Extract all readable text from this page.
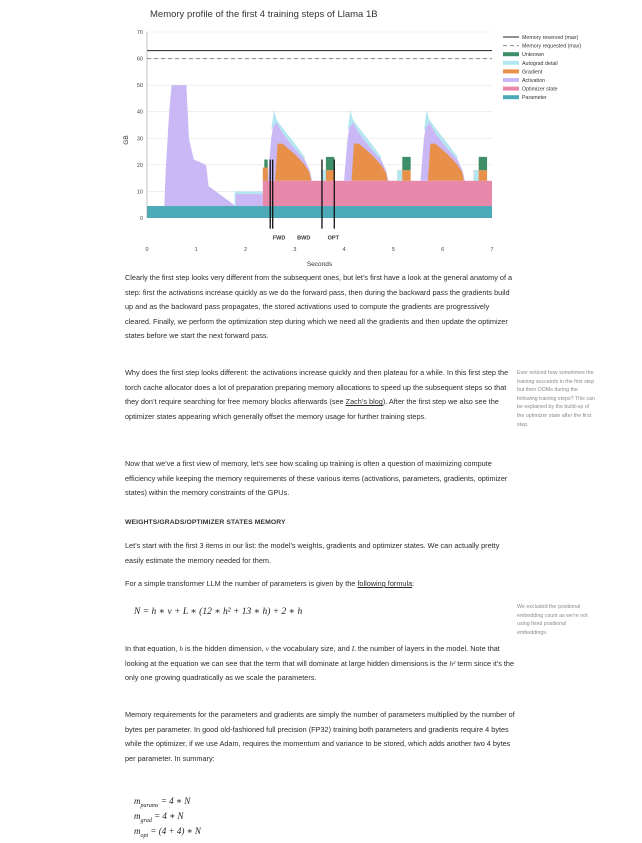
Memory profile of the first 4 training steps of Llama 1B
FWD BWD	OPT
0
10
20
30
40
50
60
70
0	1	2	3	4	5	6	7
Seconds
GB
Memory reserved (max)
Memory requested (max)
Unknown
Autograd detail
Gradient
Activation
Optimizer state
Parameter

Clearly the first step looks very different from the subsequent ones, but let’s first have a look at the general anatomy of a step: first the activations increase quickly as we do the forward pass, then during the backward pass the gradients build up and as the backward pass propagates, the stored activations used to compute the gradients are progressively cleared. Finally, we perform the optimization step during which we need all the gradients and then update the optimizer states before we start the next forward pass.

Why does the first step looks different: the activations increase quickly and then plateau for a while. In this first step the torch cache allocator does a lot of preparation preparing memory allocations to speed up the subsequent steps so that they don’t require searching for free memory blocks afterwards (see Zach’s blog). After the first step we also see the optimizer states appearing which generally offset the memory usage for further training steps.

Ever noticed how sometimes the training succeeds in the first step but then OOMs during the following training steps? This can be explained by the build-up of the optimizer state after the first step.

Now that we’ve a first view of memory, let’s see how scaling up training is often a question of maximizing compute efficiency while keeping the memory requirements of these various items (activations, parameters, gradients, optimizer states) within the memory constraints of the GPUs.

WEIGHTS/GRADS/OPTIMIZER STATES MEMORY

Let’s start with the first 3 items in our list: the model’s weights, gradients and optimizer states. We can actually pretty easily estimate the memory needed for them.

For a simple transformer LLM the number of parameters is given by the following formula:

N = h ∗ v + L ∗ (12 ∗ h² + 13 ∗ h) + 2 ∗ h	We excluded the positional embedding count as we’re not using fixed positional embeddings.

In that equation, h is the hidden dimension, v the vocabulary size, and L the number of layers in the model. Note that looking at the equation we can see that the term that will dominate at large hidden dimensions is the h² term since it’s the only one growing quadratically as we scale the parameters.

Memory requirements for the parameters and gradients are simply the number of parameters multiplied by the number of bytes per parameter. In good old-fashioned full precision (FP32) training both parameters and gradients require 4 bytes while the optimizer, if we use Adam, requires the momentum and variance to be stored, which adds another two 4 bytes per parameter. In summary:

$m_{params} = 4$ ∗ N
$m_{grad} = 4$ ∗ N
$m_{opt} = (4 + 4)$ ∗ N
